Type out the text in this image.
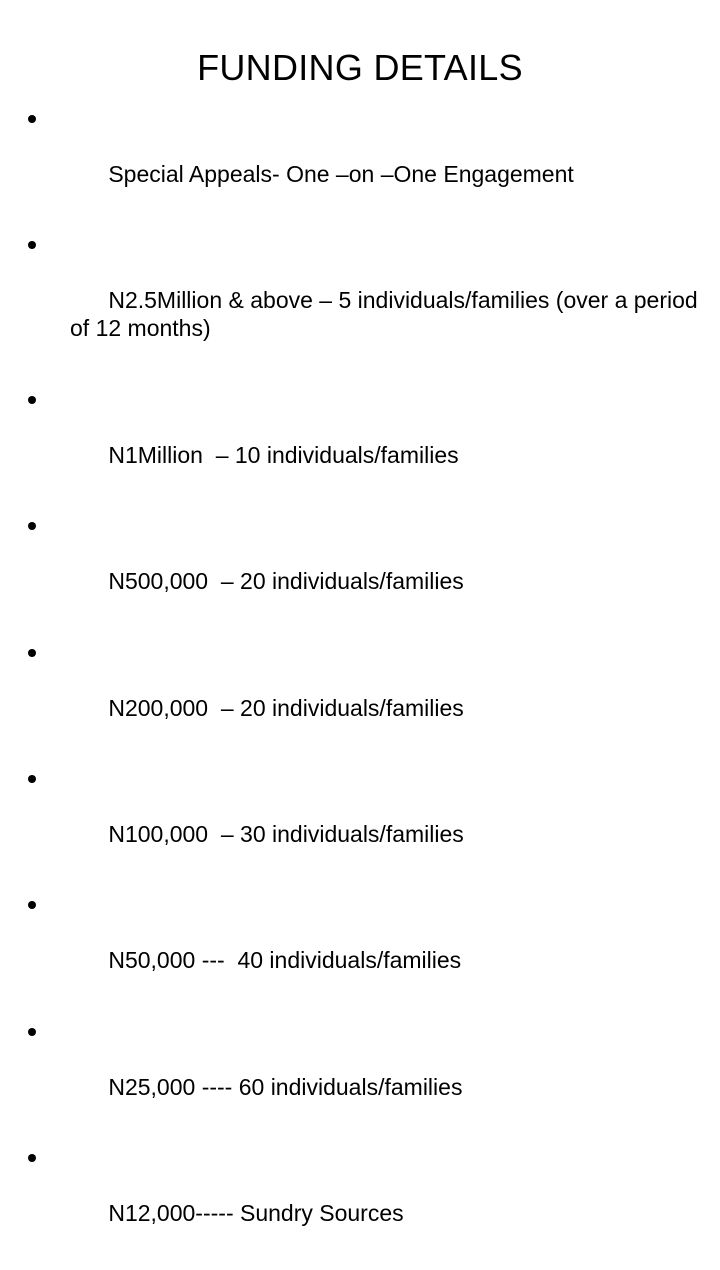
FUNDING DETAILS

Special Appeals- One –on –One Engagement

N2.5Million & above – 5 individuals/families (over a period of 12 months)

N1Million  – 10 individuals/families

N500,000  – 20 individuals/families

N200,000  – 20 individuals/families

N100,000  – 30 individuals/families

N50,000 ---  40 individuals/families

N25,000 ---- 60 individuals/families

N12,000----- Sundry Sources
